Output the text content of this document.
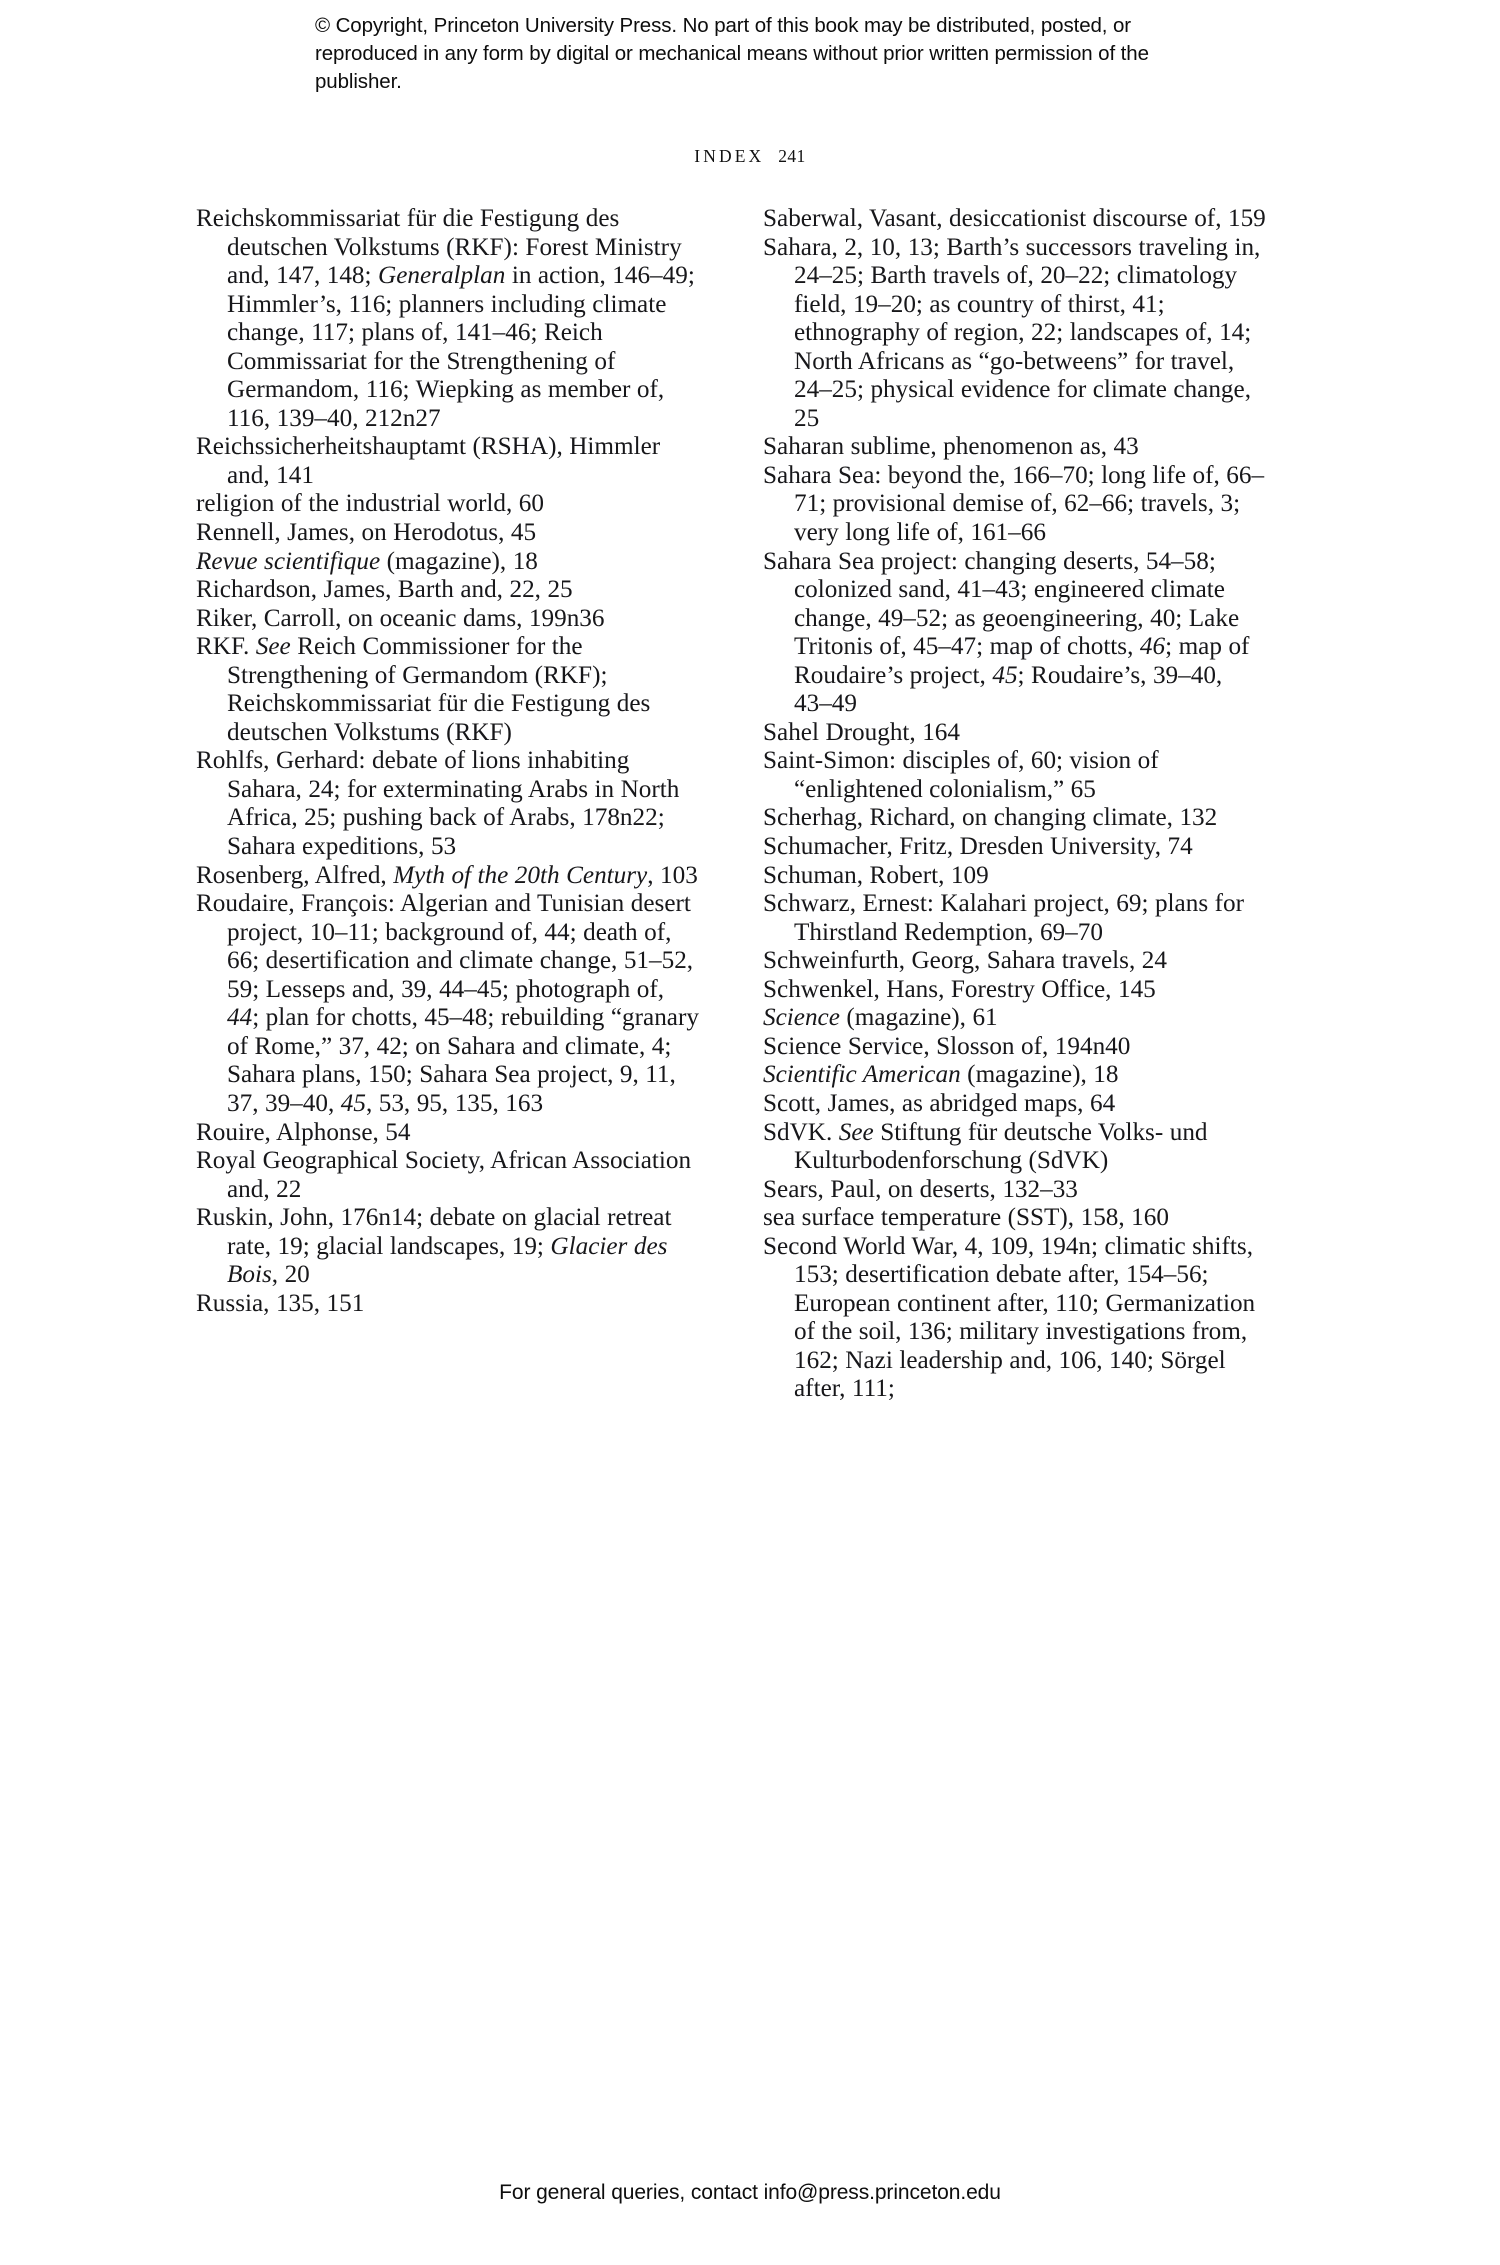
© Copyright, Princeton University Press. No part of this book may be distributed, posted, or reproduced in any form by digital or mechanical means without prior written permission of the publisher.
INDEX 241

Reichskommissariat für die Festigung des deutschen Volkstums (RKF): Forest Ministry and, 147, 148; Generalplan in action, 146–49; Himmler’s, 116; planners including climate change, 117; plans of, 141–46; Reich Commissariat for the Strengthening of Germandom, 116; Wiepking as member of, 116, 139–40, 212n27

Reichssicherheitshauptamt (RSHA), Himmler and, 141

religion of the industrial world, 60

Rennell, James, on Herodotus, 45

Revue scientifique (magazine), 18

Richardson, James, Barth and, 22, 25

Riker, Carroll, on oceanic dams, 199n36

RKF. See Reich Commissioner for the Strengthening of Germandom (RKF); Reichskommissariat für die Festigung des deutschen Volkstums (RKF)

Rohlfs, Gerhard: debate of lions inhabiting Sahara, 24; for exterminating Arabs in North Africa, 25; pushing back of Arabs, 178n22; Sahara expeditions, 53

Rosenberg, Alfred, Myth of the 20th Century, 103

Roudaire, François: Algerian and Tunisian desert project, 10–11; background of, 44; death of, 66; desertification and climate change, 51–52, 59; Lesseps and, 39, 44–45; photograph of, 44; plan for chotts, 45–48; rebuilding “granary of Rome,” 37, 42; on Sahara and climate, 4; Sahara plans, 150; Sahara Sea project, 9, 11, 37, 39–40, 45, 53, 95, 135, 163

Rouire, Alphonse, 54

Royal Geographical Society, African Association and, 22

Ruskin, John, 176n14; debate on glacial retreat rate, 19; glacial landscapes, 19; Glacier des Bois, 20

Russia, 135, 151

Saberwal, Vasant, desiccationist discourse of, 159

Sahara, 2, 10, 13; Barth’s successors traveling in, 24–25; Barth travels of, 20–22; climatology field, 19–20; as country of thirst, 41; ethnography of region, 22; landscapes of, 14; North Africans as “go-betweens” for travel, 24–25; physical evidence for climate change, 25

Saharan sublime, phenomenon as, 43

Sahara Sea: beyond the, 166–70; long life of, 66–71; provisional demise of, 62–66; travels, 3; very long life of, 161–66

Sahara Sea project: changing deserts, 54–58; colonized sand, 41–43; engineered climate change, 49–52; as geoengineering, 40; Lake Tritonis of, 45–47; map of chotts, 46; map of Roudaire’s project, 45; Roudaire’s, 39–40, 43–49

Sahel Drought, 164

Saint-Simon: disciples of, 60; vision of “enlightened colonialism,” 65

Scherhag, Richard, on changing climate, 132

Schumacher, Fritz, Dresden University, 74

Schuman, Robert, 109

Schwarz, Ernest: Kalahari project, 69; plans for Thirstland Redemption, 69–70

Schweinfurth, Georg, Sahara travels, 24

Schwenkel, Hans, Forestry Office, 145

Science (magazine), 61

Science Service, Slosson of, 194n40

Scientific American (magazine), 18

Scott, James, as abridged maps, 64

SdVK. See Stiftung für deutsche Volks- und Kulturbodenforschung (SdVK)

Sears, Paul, on deserts, 132–33

sea surface temperature (SST), 158, 160

Second World War, 4, 109, 194n; climatic shifts, 153; desertification debate after, 154–56; European continent after, 110; Germanization of the soil, 136; military investigations from, 162; Nazi leadership and, 106, 140; Sörgel after, 111;

For general queries, contact info@press.princeton.edu
